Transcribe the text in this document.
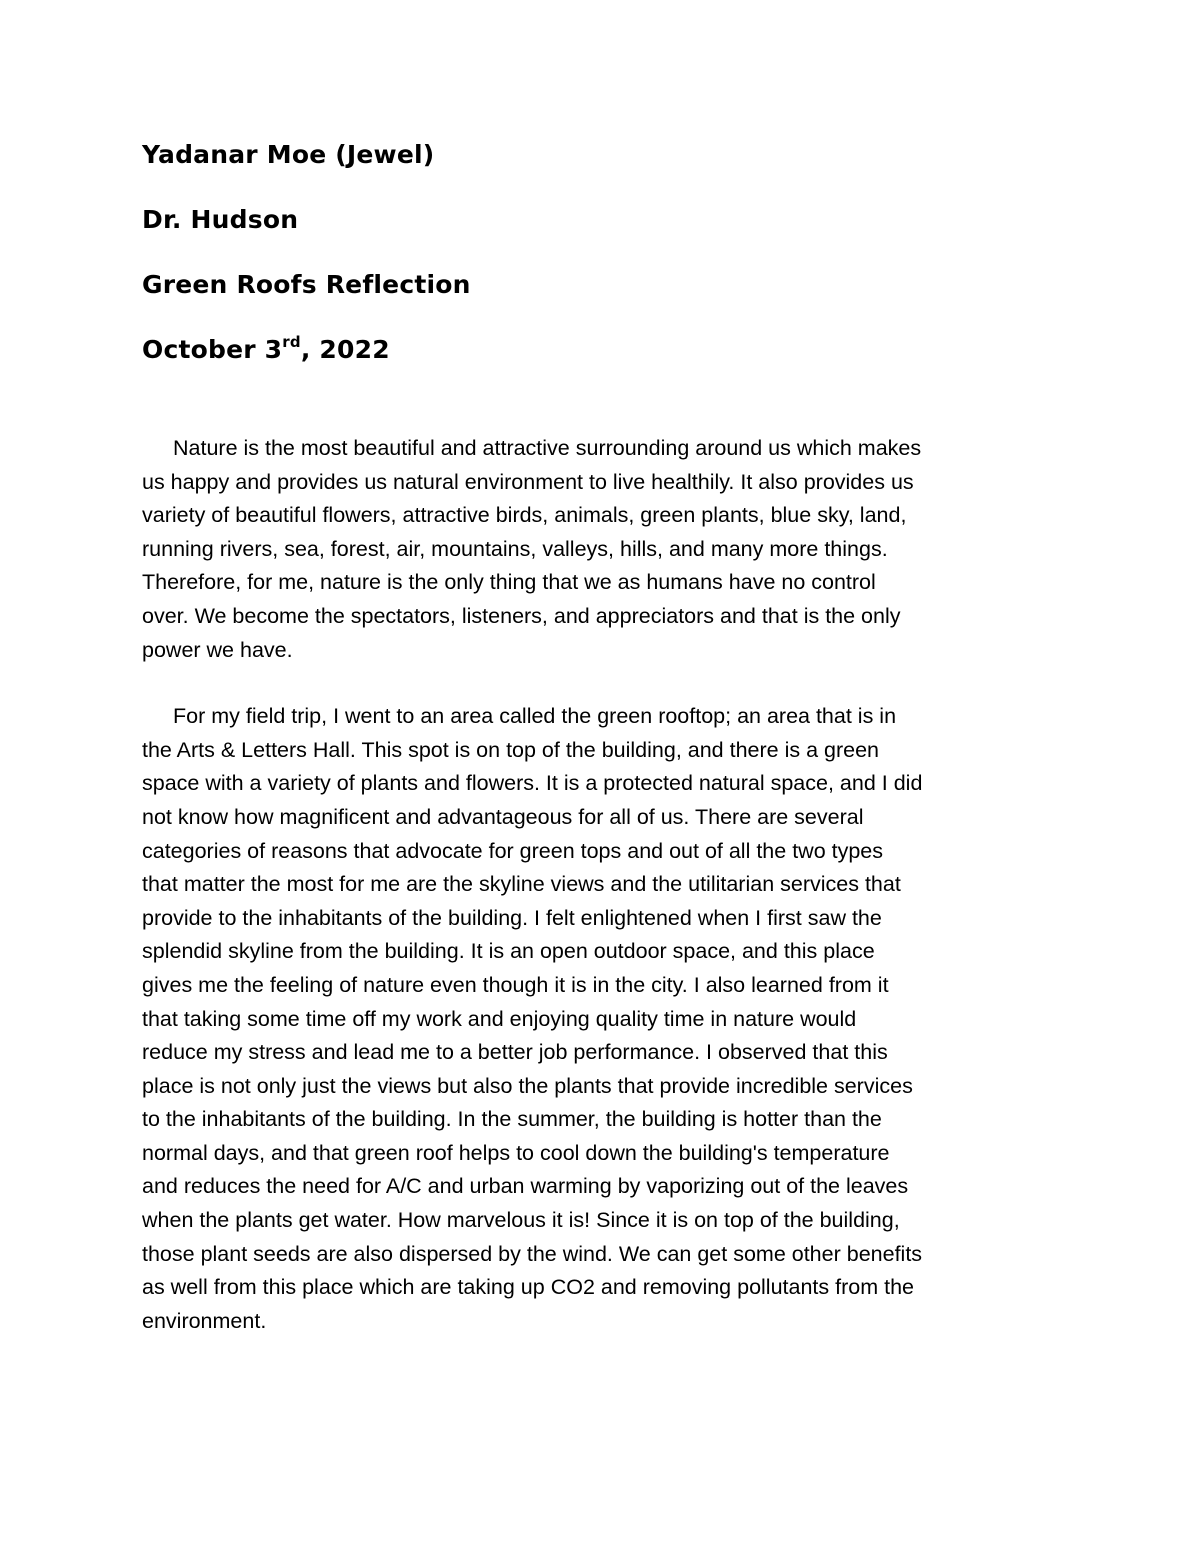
Yadanar Moe (Jewel)
Dr. Hudson
Green Roofs Reflection
October 3rd, 2022
Nature is the most beautiful and attractive surrounding around us which makes
us happy and provides us natural environment to live healthily. It also provides us
variety of beautiful flowers, attractive birds, animals, green plants, blue sky, land,
running rivers, sea, forest, air, mountains, valleys, hills, and many more things.
Therefore, for me, nature is the only thing that we as humans have no control
over. We become the spectators, listeners, and appreciators and that is the only
power we have.
For my field trip, I went to an area called the green rooftop; an area that is in
the Arts & Letters Hall. This spot is on top of the building, and there is a green
space with a variety of plants and flowers. It is a protected natural space, and I did
not know how magnificent and advantageous for all of us. There are several
categories of reasons that advocate for green tops and out of all the two types
that matter the most for me are the skyline views and the utilitarian services that
provide to the inhabitants of the building. I felt enlightened when I first saw the
splendid skyline from the building. It is an open outdoor space, and this place
gives me the feeling of nature even though it is in the city. I also learned from it
that taking some time off my work and enjoying quality time in nature would
reduce my stress and lead me to a better job performance. I observed that this
place is not only just the views but also the plants that provide incredible services
to the inhabitants of the building. In the summer, the building is hotter than the
normal days, and that green roof helps to cool down the building's temperature
and reduces the need for A/C and urban warming by vaporizing out of the leaves
when the plants get water. How marvelous it is! Since it is on top of the building,
those plant seeds are also dispersed by the wind. We can get some other benefits
as well from this place which are taking up CO2 and removing pollutants from the
environment.
